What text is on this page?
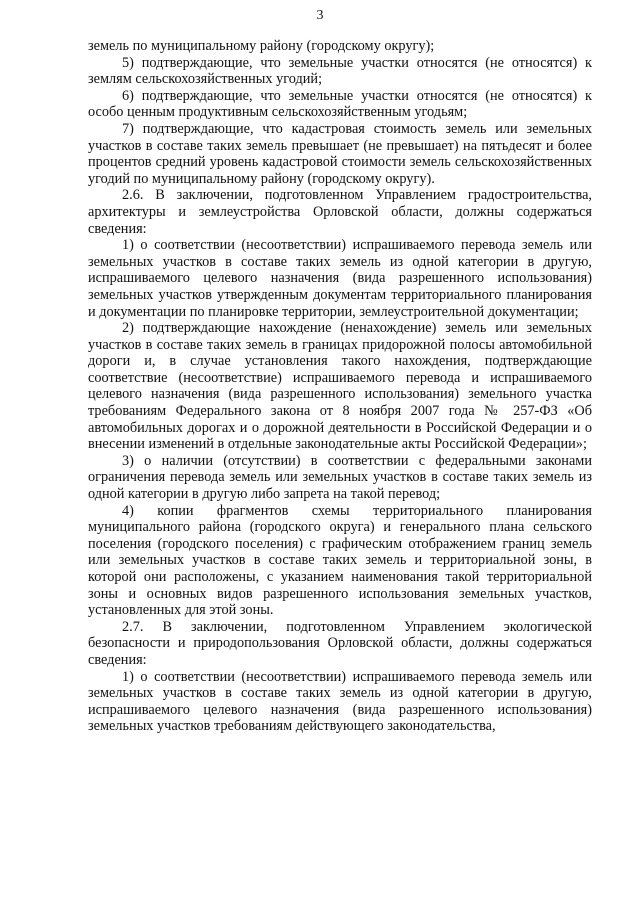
3

земель по муниципальному району (городскому округу);

5) подтверждающие, что земельные участки относятся (не относятся) к землям сельскохозяйственных угодий;

6) подтверждающие, что земельные участки относятся (не относятся) к особо ценным продуктивным сельскохозяйственным угодьям;

7) подтверждающие, что кадастровая стоимость земель или земельных участков в составе таких земель превышает (не превышает) на пятьдесят и более процентов средний уровень кадастровой стоимости земель сельскохозяйственных угодий по муниципальному району (городскому округу).

2.6. В заключении, подготовленном Управлением градостроительства, архитектуры и землеустройства Орловской области, должны содержаться сведения:

1) о соответствии (несоответствии) испрашиваемого перевода земель или земельных участков в составе таких земель из одной категории в другую, испрашиваемого целевого назначения (вида разрешенного использования) земельных участков утвержденным документам территориального планирования и документации по планировке территории, землеустроительной документации;

2) подтверждающие нахождение (ненахождение) земель или земельных участков в составе таких земель в границах придорожной полосы автомобильной дороги и, в случае установления такого нахождения, подтверждающие соответствие (несоответствие) испрашиваемого перевода и испрашиваемого целевого назначения (вида разрешенного использования) земельного участка требованиям Федерального закона от 8 ноября 2007 года № 257-ФЗ «Об автомобильных дорогах и о дорожной деятельности в Российской Федерации и о внесении изменений в отдельные законодательные акты Российской Федерации»;

3) о наличии (отсутствии) в соответствии с федеральными законами ограничения перевода земель или земельных участков в составе таких земель из одной категории в другую либо запрета на такой перевод;

4) копии фрагментов схемы территориального планирования муниципального района (городского округа) и генерального плана сельского поселения (городского поселения) с графическим отображением границ земель или земельных участков в составе таких земель и территориальной зоны, в которой они расположены, с указанием наименования такой территориальной зоны и основных видов разрешенного использования земельных участков, установленных для этой зоны.

2.7. В заключении, подготовленном Управлением экологической безопасности и природопользования Орловской области, должны содержаться сведения:

1) о соответствии (несоответствии) испрашиваемого перевода земель или земельных участков в составе таких земель из одной категории в другую, испрашиваемого целевого назначения (вида разрешенного использования) земельных участков требованиям действующего законодательства,
